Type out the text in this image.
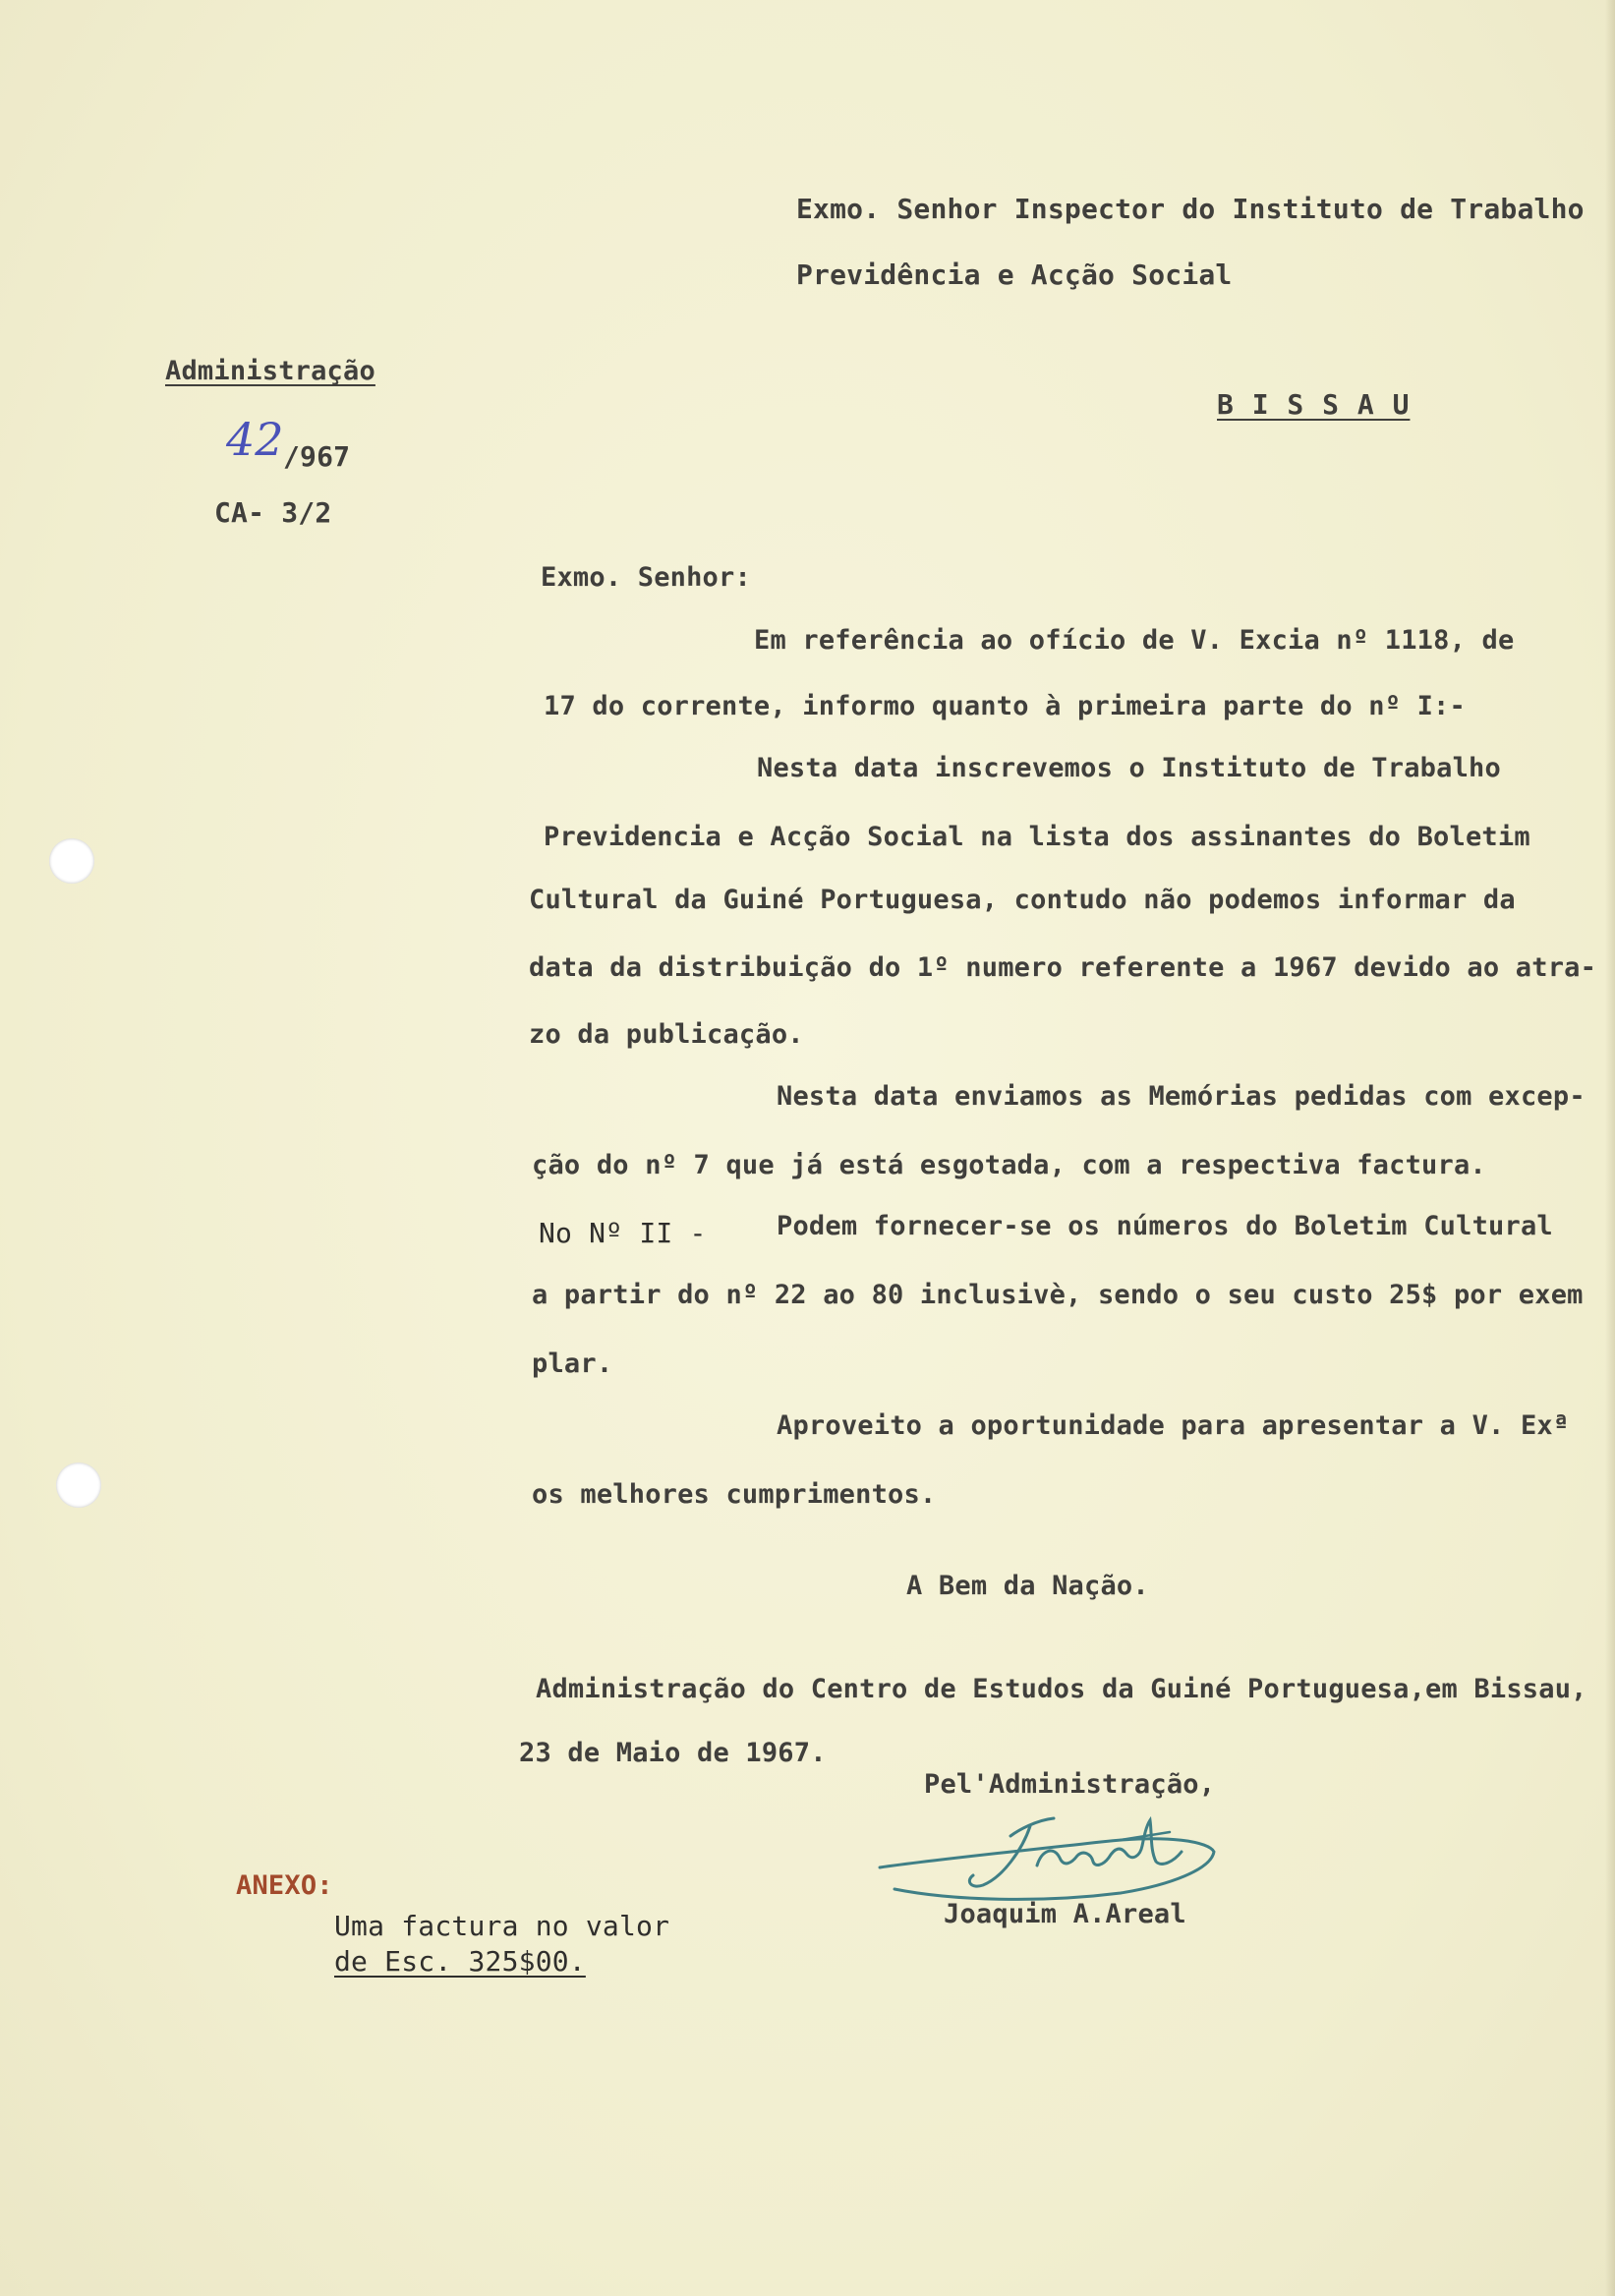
Exmo. Senhor Inspector do Instituto de Trabalho
Previdência e Acção Social
B I S S A U
Administração
42 /967
CA- 3/2
Exmo. Senhor:
Em referência ao ofício de V. Excia nº 1118, de
17 do corrente, informo quanto à primeira parte do nº I:-
Nesta data inscrevemos o Instituto de Trabalho
Previdencia e Acção Social na lista dos assinantes do Boletim
Cultural da Guiné Portuguesa, contudo não podemos informar da
data da distribuição do 1º numero referente a 1967 devido ao atra-
zo da publicação.
Nesta data enviamos as Memórias pedidas com excep-
ção do nº 7 que já está esgotada, com a respectiva factura.
No Nº II -	Podem fornecer-se os números do Boletim Cultural
a partir do nº 22 ao 80 inclusivè, sendo o seu custo 25$ por exem
plar.
Aproveito a oportunidade para apresentar a V. Exª
os melhores cumprimentos.
A Bem da Nação.
Administração do Centro de Estudos da Guiné Portuguesa,em Bissau,
23 de Maio de 1967.
Pel'Administração,
Joaquim A.Areal
ANEXO:
Uma factura no valor
de Esc. 325$00.
